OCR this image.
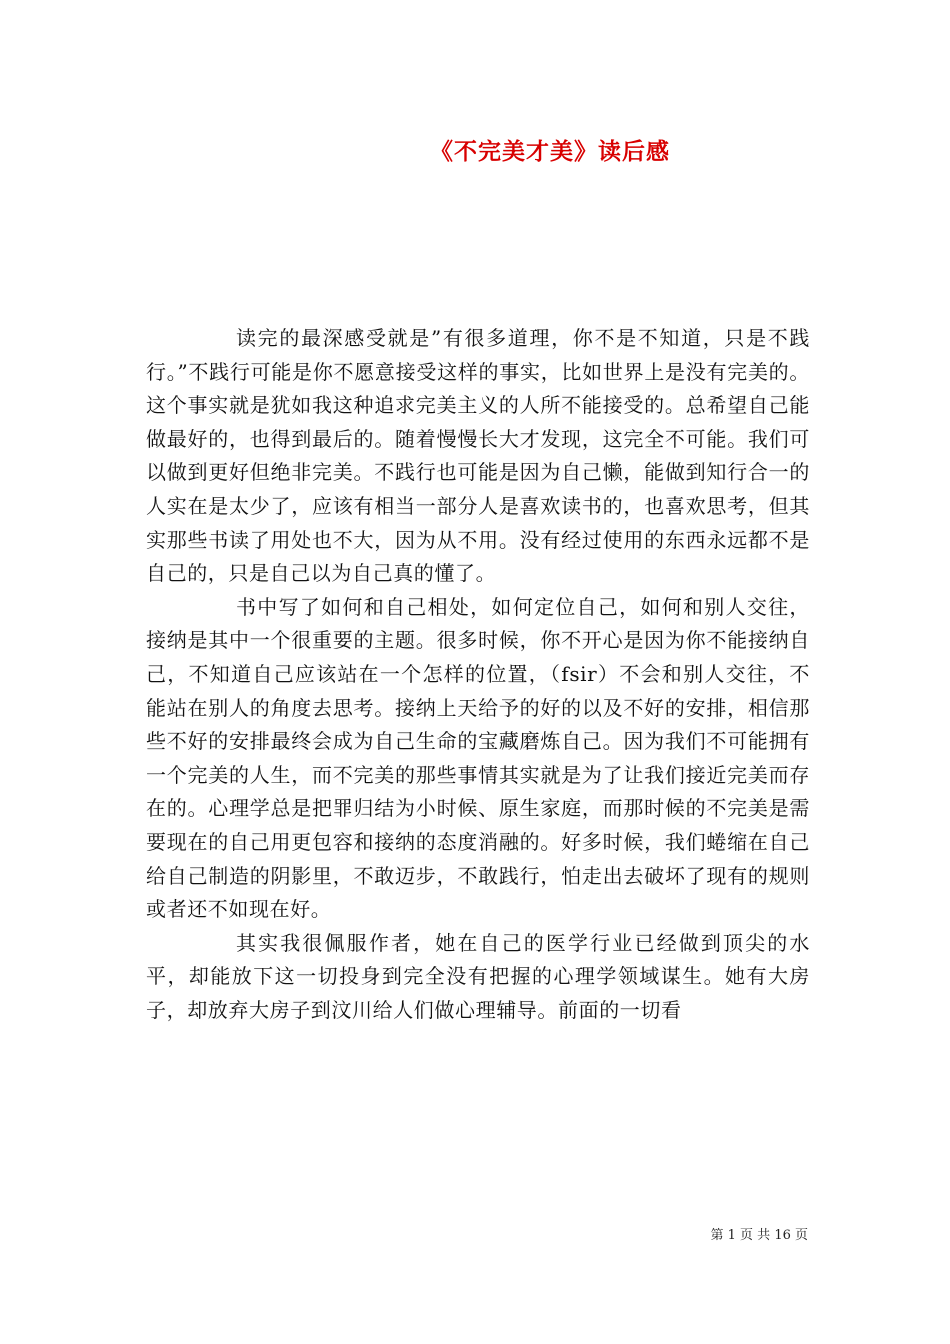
《不完美才美》读后感

读完的最深感受就是”有很多道理，你不是不知道，只是不践行。”不践行可能是你不愿意接受这样的事实，比如世界上是没有完美的。这个事实就是犹如我这种追求完美主义的人所不能接受的。总希望自己能做最好的，也得到最后的。随着慢慢长大才发现，这完全不可能。我们可以做到更好但绝非完美。不践行也可能是因为自己懒，能做到知行合一的人实在是太少了，应该有相当一部分人是喜欢读书的，也喜欢思考，但其实那些书读了用处也不大，因为从不用。没有经过使用的东西永远都不是自己的，只是自己以为自己真的懂了。

书中写了如何和自己相处，如何定位自己，如何和别人交往，接纳是其中一个很重要的主题。很多时候，你不开心是因为你不能接纳自己，不知道自己应该站在一个怎样的位置，（fsir）不会和别人交往，不能站在别人的角度去思考。接纳上天给予的好的以及不好的安排，相信那些不好的安排最终会成为自己生命的宝藏磨炼自己。因为我们不可能拥有一个完美的人生，而不完美的那些事情其实就是为了让我们接近完美而存在的。心理学总是把罪归结为小时候、原生家庭，而那时候的不完美是需要现在的自己用更包容和接纳的态度消融的。好多时候，我们蜷缩在自己给自己制造的阴影里，不敢迈步，不敢践行，怕走出去破坏了现有的规则或者还不如现在好。

其实我很佩服作者，她在自己的医学行业已经做到顶尖的水平，却能放下这一切投身到完全没有把握的心理学领域谋生。她有大房子，却放弃大房子到汶川给人们做心理辅导。前面的一切看

第 1 页 共 16 页
